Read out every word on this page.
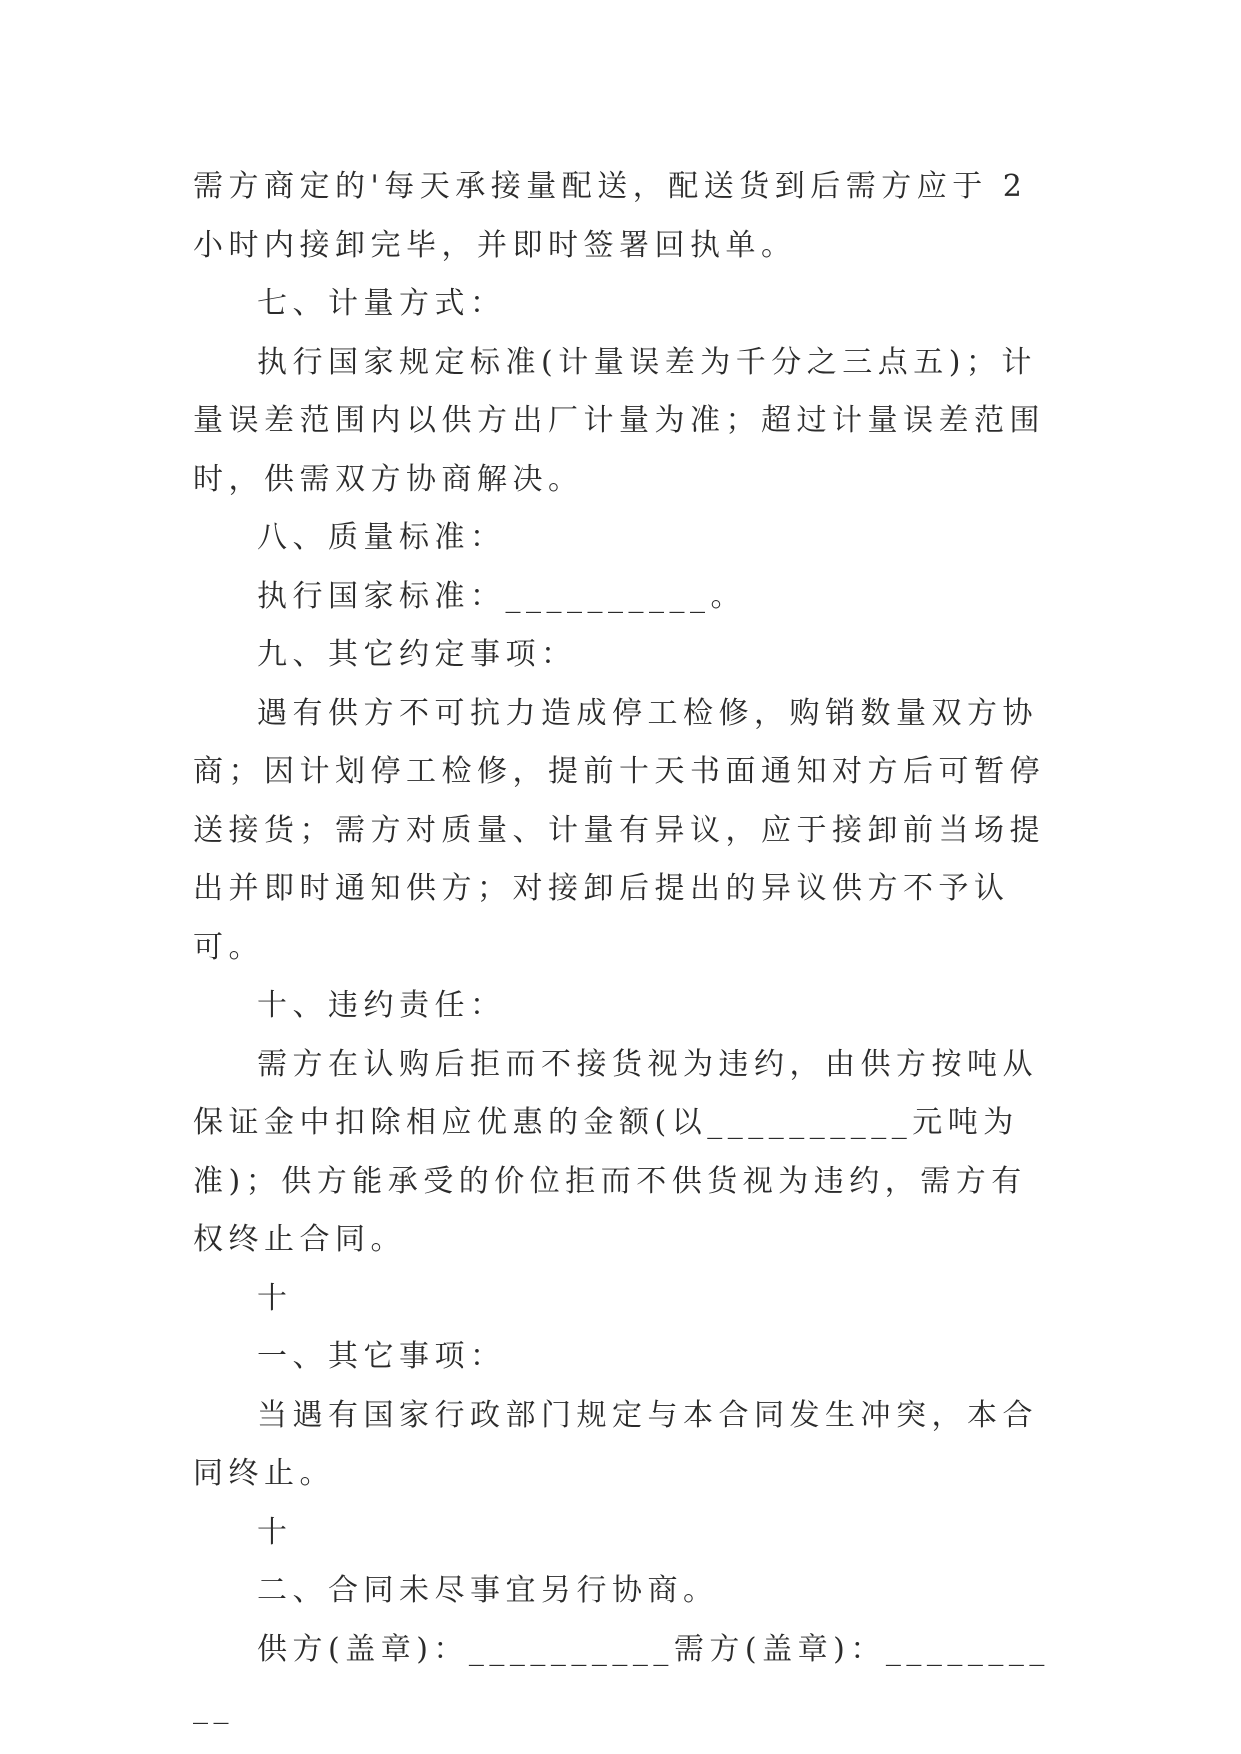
需方商定的'每天承接量配送，配送货到后需方应于 2 小时内接卸完毕，并即时签署回执单。

七、计量方式：

执行国家规定标准(计量误差为千分之三点五)；计量误差范围内以供方出厂计量为准；超过计量误差范围时，供需双方协商解决。

八、质量标准：

执行国家标准：__________。

九、其它约定事项：

遇有供方不可抗力造成停工检修，购销数量双方协商；因计划停工检修，提前十天书面通知对方后可暂停送接货；需方对质量、计量有异议，应于接卸前当场提出并即时通知供方；对接卸后提出的异议供方不予认可。

十、违约责任：

需方在认购后拒而不接货视为违约，由供方按吨从保证金中扣除相应优惠的金额(以__________元吨为准)；供方能承受的价位拒而不供货视为违约，需方有权终止合同。

十

一、其它事项：

当遇有国家行政部门规定与本合同发生冲突，本合同终止。

十

二、合同未尽事宜另行协商。

供方(盖章)：__________需方(盖章)：__________
